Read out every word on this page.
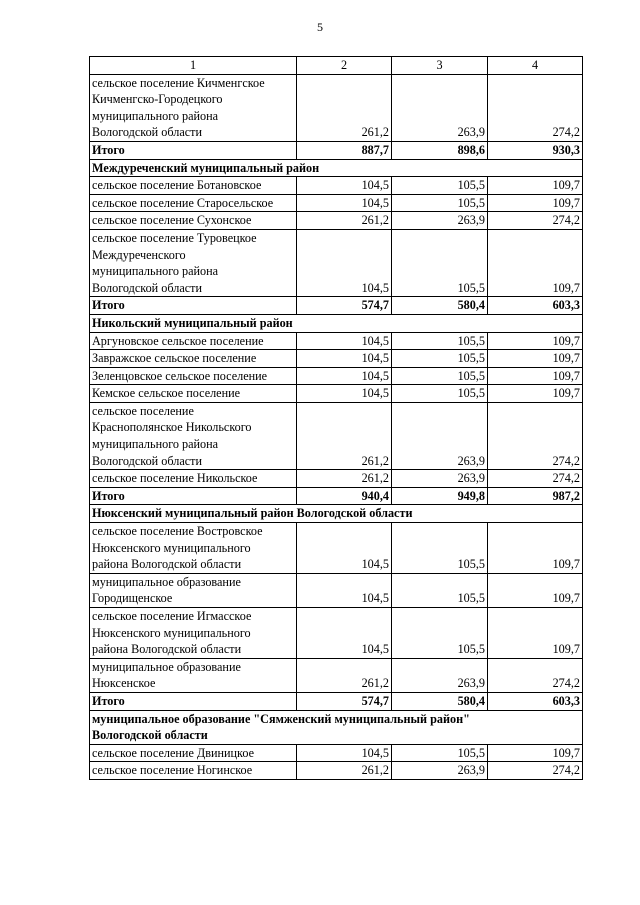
5
1	2	3	4

сельское поселение Кичменгское
Кичменгско-Городецкого
муниципального района
Вологодской области	261,2	263,9	274,2
Итого	887,7	898,6	930,3
Междуреченский муниципальный район			
сельское поселение Ботановское	104,5	105,5	109,7
сельское поселение Старосельское	104,5	105,5	109,7
сельское поселение Сухонское	261,2	263,9	274,2

сельское поселение Туровецкое
Междуреченского
муниципального района
Вологодской области	104,5	105,5	109,7
Итого	574,7	580,4	603,3
Никольский муниципальный район			
Аргуновское сельское поселение	104,5	105,5	109,7
Завражское сельское поселение	104,5	105,5	109,7
Зеленцовское сельское поселение	104,5	105,5	109,7
Кемское сельское поселение	104,5	105,5	109,7

сельское поселение
Краснополянское Никольского
муниципального района
Вологодской области	261,2	263,9	274,2
сельское поселение Никольское	261,2	263,9	274,2
Итого	940,4	949,8	987,2
Нюксенский муниципальный район Вологодской области			

сельское поселение Востровское
Нюксенского муниципального
района Вологодской области	104,5	105,5	109,7

муниципальное образование
Городищенское	104,5	105,5	109,7

сельское поселение Игмасское
Нюксенского муниципального
района Вологодской области	104,5	105,5	109,7

муниципальное образование
Нюксенское	261,2	263,9	274,2
Итого	574,7	580,4	603,3

муниципальное образование "Сямженский муниципальный район"
Вологодской области			

сельское поселение Двиницкое	104,5	105,5	109,7
сельское поселение Ногинское	261,2	263,9	274,2
